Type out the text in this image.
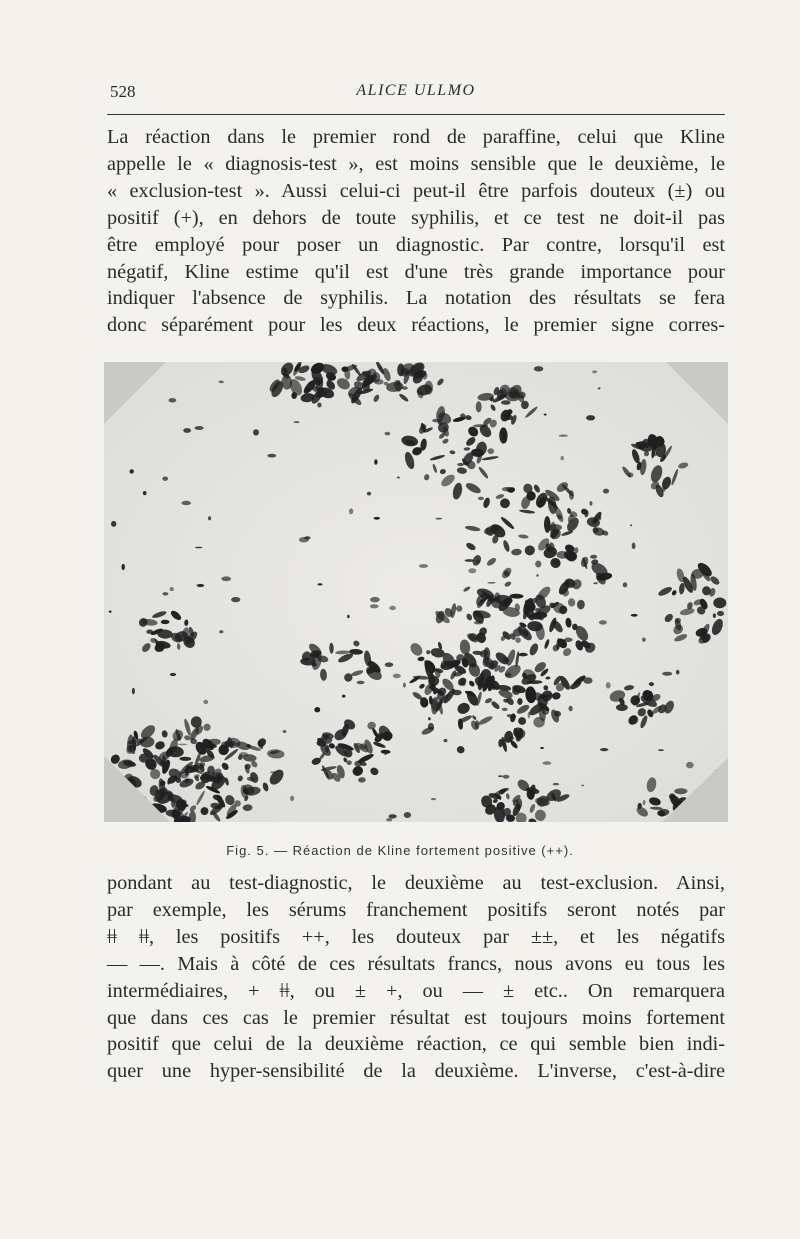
528	ALICE ULLMO
La réaction dans le premier rond de paraffine, celui que Kline
appelle le « diagnosis-test », est moins sensible que le deuxième, le
« exclusion-test ». Aussi celui-ci peut-il être parfois douteux (±) ou
positif (+), en dehors de toute syphilis, et ce test ne doit-il pas
être employé pour poser un diagnostic. Par contre, lorsqu'il est
négatif, Kline estime qu'il est d'une très grande importance pour
indiquer l'absence de syphilis. La notation des résultats se fera
donc séparément pour les deux réactions, le premier signe corres-
Fig. 5. — Réaction de Kline fortement positive (++).
pondant au test-diagnostic, le deuxième au test-exclusion. Ainsi,
par exemple, les sérums franchement positifs seront notés par
ǂǂ ǂǂ, les positifs ++, les douteux par ±±, et les négatifs
— —. Mais à côté de ces résultats francs, nous avons eu tous les
intermédiaires, + ǂǂ, ou ± +, ou — ± etc.. On remarquera
que dans ces cas le premier résultat est toujours moins fortement
positif que celui de la deuxième réaction, ce qui semble bien indi-
quer une hyper-sensibilité de la deuxième. L'inverse, c'est-à-dire
